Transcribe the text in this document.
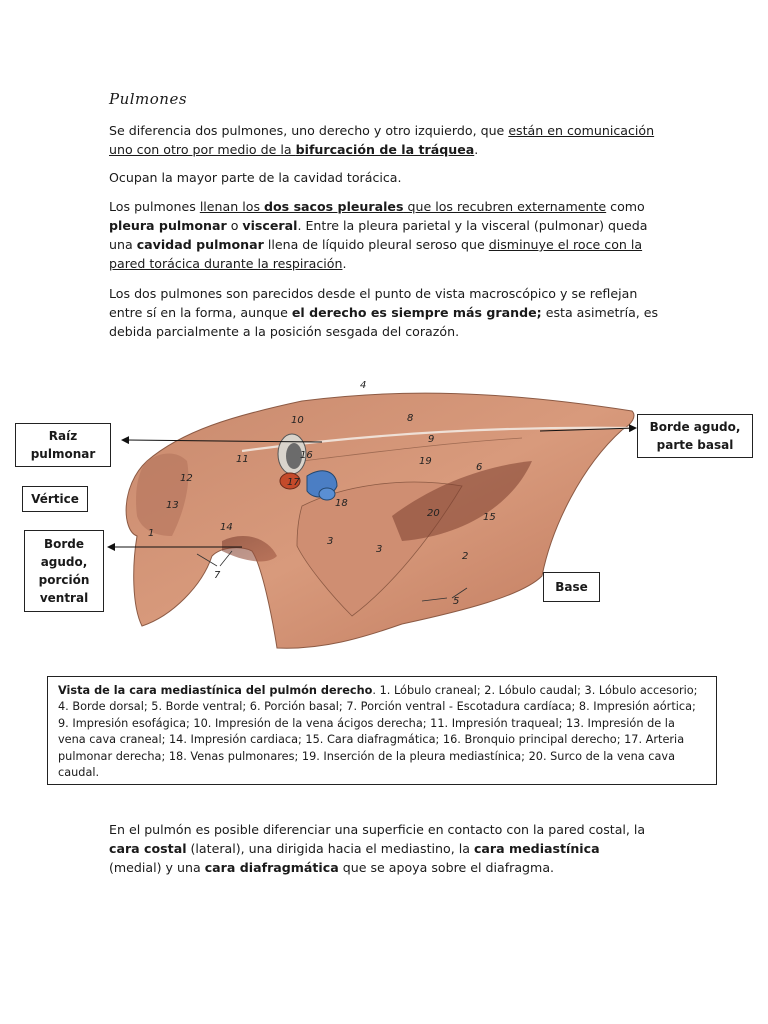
Pulmones

Se diferencia dos pulmones, uno derecho y otro izquierdo, que están en comunicación uno con otro por medio de la bifurcación de la tráquea.

Ocupan la mayor parte de la cavidad torácica.

Los pulmones llenan los dos sacos pleurales que los recubren externamente como pleura pulmonar o visceral. Entre la pleura parietal y la visceral (pulmonar) queda una cavidad pulmonar llena de líquido pleural seroso que disminuye el roce con la pared torácica durante la respiración.

Los dos pulmones son parecidos desde el punto de vista macroscópico y se reflejan entre sí en la forma, aunque el derecho es siempre más grande; esta asimetría, es debida parcialmente a la posición sesgada del corazón.

4
8
9
10
16
11
12
13
17
18
19
6
1
14
7
3
3
20	15
2
5
Raíz pulmonar
Vértice
Borde agudo, porción ventral
Borde agudo, parte basal
Base
Vista de la cara mediastínica del pulmón derecho. 1. Lóbulo craneal; 2. Lóbulo caudal; 3. Lóbulo accesorio; 4. Borde dorsal; 5. Borde ventral; 6. Porción basal; 7. Porción ventral - Escotadura cardíaca; 8. Impresión aórtica; 9. Impresión esofágica; 10. Impresión de la vena ácigos derecha; 11. Impresión traqueal; 13. Impresión de la vena cava craneal; 14. Impresión cardiaca; 15. Cara diafragmática; 16. Bronquio principal derecho; 17. Arteria pulmonar derecha; 18. Venas pulmonares; 19. Inserción de la pleura mediastínica; 20. Surco de la vena cava caudal.

En el pulmón es posible diferenciar una superficie en contacto con la pared costal, la cara costal (lateral), una dirigida hacia el mediastino, la cara mediastínica (medial) y una cara diafragmática que se apoya sobre el diafragma.
